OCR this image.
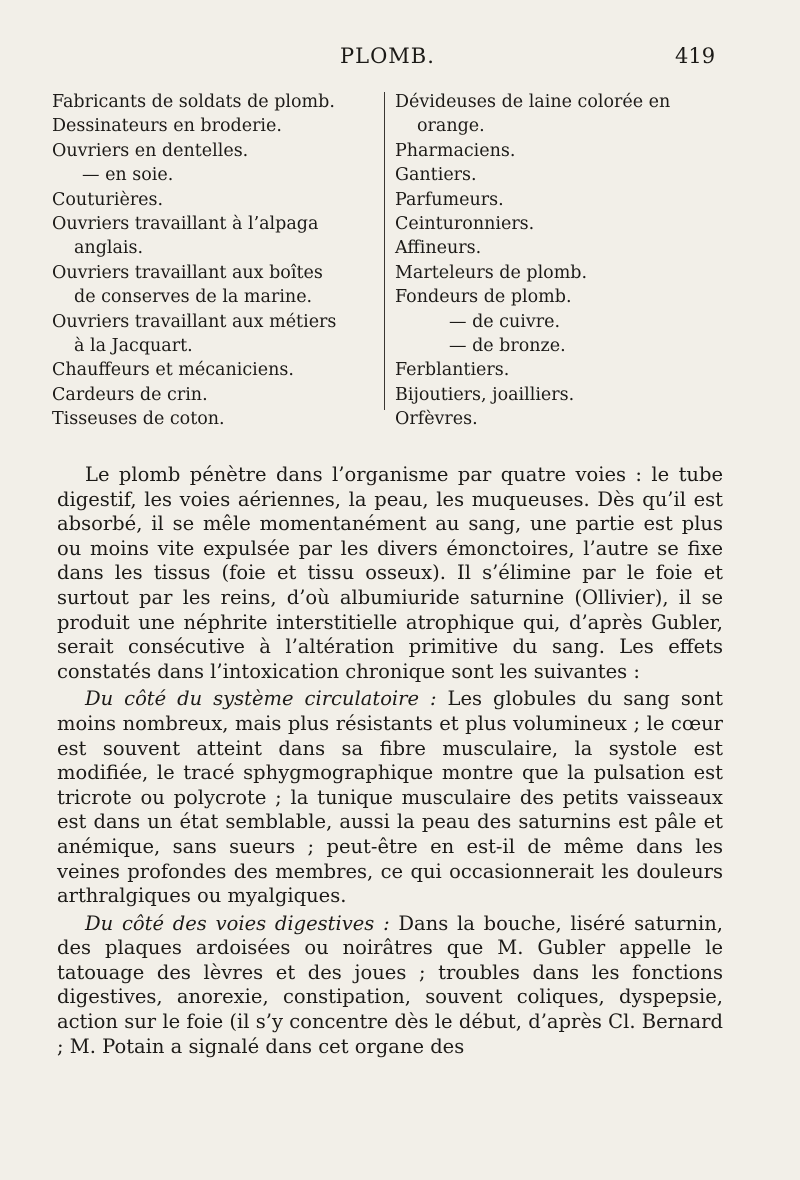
PLOMB.	419
Fabricants de soldats de plomb.
Dessinateurs en broderie.
Ouvriers en dentelles.
— en soie.
Couturières.
Ouvriers travaillant à l’alpaga
anglais.
Ouvriers travaillant aux boîtes
de conserves de la marine.
Ouvriers travaillant aux métiers
à la Jacquart.
Chauffeurs et mécaniciens.
Cardeurs de crin.
Tisseuses de coton.
Dévideuses de laine colorée en
orange.
Pharmaciens.
Gantiers.
Parfumeurs.
Ceinturonniers.
Affineurs.
Marteleurs de plomb.
Fondeurs de plomb.
— de cuivre.
— de bronze.
Ferblantiers.
Bijoutiers, joailliers.
Orfèvres.

Le plomb pénètre dans l’organisme par quatre voies : le tube digestif, les voies aériennes, la peau, les muqueuses. Dès qu’il est absorbé, il se mêle momentanément au sang, une partie est plus ou moins vite expulsée par les divers émonctoires, l’autre se fixe dans les tissus (foie et tissu osseux). Il s’élimine par le foie et surtout par les reins, d’où albumiuride saturnine (Ollivier), il se produit une néphrite interstitielle atrophique qui, d’après Gubler, serait consécutive à l’altération primitive du sang. Les effets constatés dans l’intoxication chronique sont les suivantes :

Du côté du système circulatoire : Les globules du sang sont moins nombreux, mais plus résistants et plus volumineux ; le cœur est souvent atteint dans sa fibre musculaire, la systole est modifiée, le tracé sphygmographique montre que la pulsation est tricrote ou polycrote ; la tunique musculaire des petits vaisseaux est dans un état semblable, aussi la peau des saturnins est pâle et anémique, sans sueurs ; peut-être en est-il de même dans les veines profondes des membres, ce qui occasionnerait les douleurs arthralgiques ou myalgiques.

Du côté des voies digestives : Dans la bouche, liséré saturnin, des plaques ardoisées ou noirâtres que M. Gubler appelle le tatouage des lèvres et des joues ; troubles dans les fonctions digestives, anorexie, constipation, souvent coliques, dyspepsie, action sur le foie (il s’y concentre dès le début, d’après Cl. Bernard ; M. Potain a signalé dans cet organe des
